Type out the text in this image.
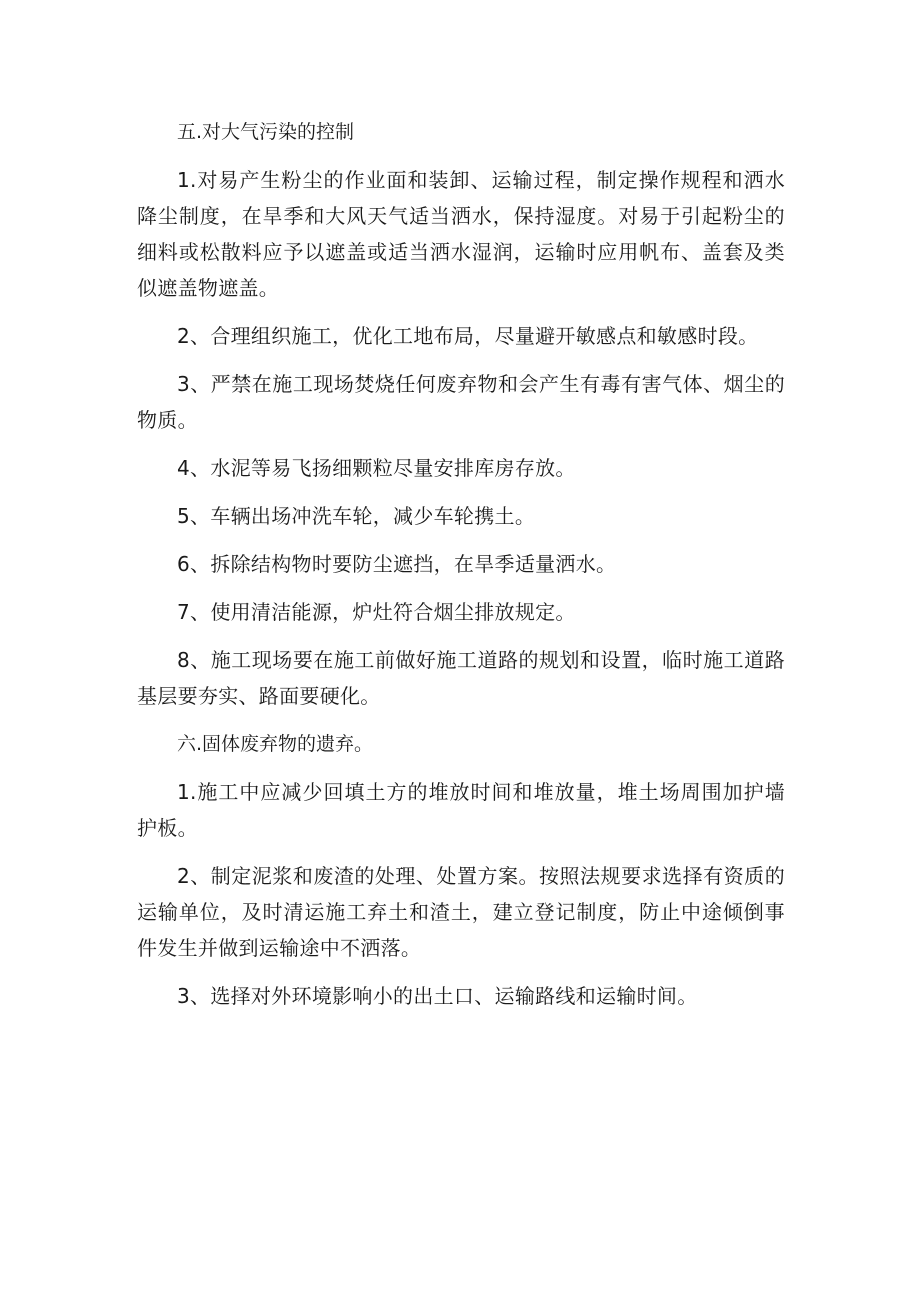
五.对大气污染的控制

1.对易产生粉尘的作业面和装卸、运输过程，制定操作规程和洒水降尘制度，在旱季和大风天气适当洒水，保持湿度。对易于引起粉尘的细料或松散料应予以遮盖或适当洒水湿润，运输时应用帆布、盖套及类似遮盖物遮盖。

2、合理组织施工，优化工地布局，尽量避开敏感点和敏感时段。

3、严禁在施工现场焚烧任何废弃物和会产生有毒有害气体、烟尘的物质。

4、水泥等易飞扬细颗粒尽量安排库房存放。

5、车辆出场冲洗车轮，减少车轮携土。

6、拆除结构物时要防尘遮挡，在旱季适量洒水。

7、使用清洁能源，炉灶符合烟尘排放规定。

8、施工现场要在施工前做好施工道路的规划和设置，临时施工道路基层要夯实、路面要硬化。

六.固体废弃物的遗弃。

1.施工中应减少回填土方的堆放时间和堆放量，堆土场周围加护墙护板。

2、制定泥浆和废渣的处理、处置方案。按照法规要求选择有资质的运输单位，及时清运施工弃土和渣土，建立登记制度，防止中途倾倒事件发生并做到运输途中不洒落。

3、选择对外环境影响小的出土口、运输路线和运输时间。
